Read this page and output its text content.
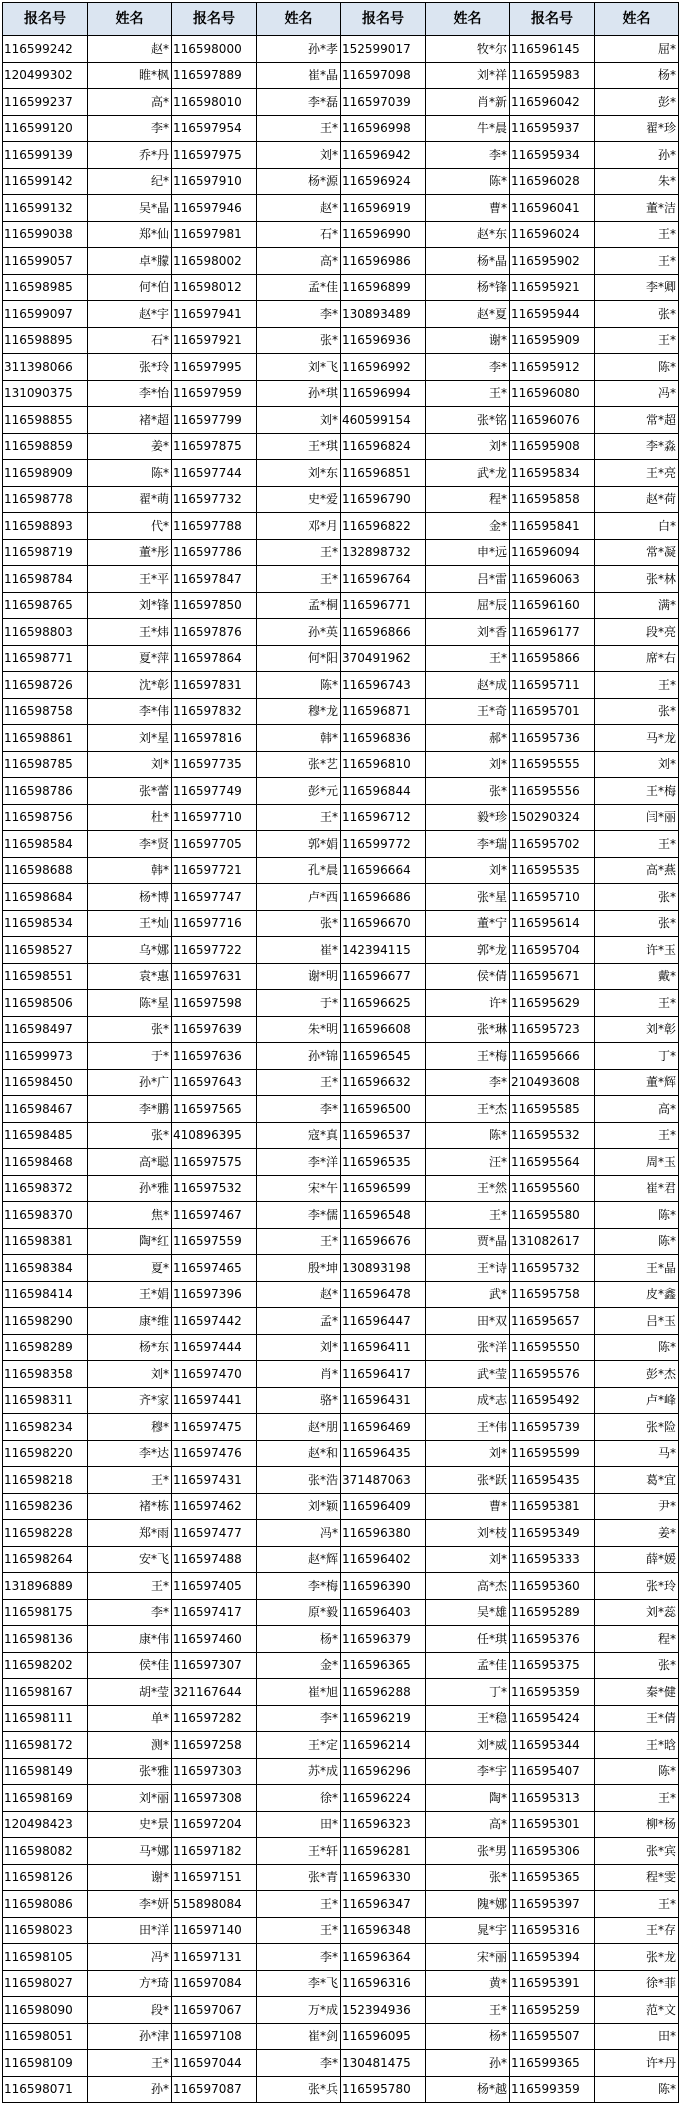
报名号	姓名	报名号	姓名	报名号	姓名	报名号	姓名
116599242	赵*	116598000	孙*孝	152599017	牧*尔	116596145	屈*
120499302	睢*枫	116597889	崔*晶	116597098	刘*祥	116595983	杨*
116599237	高*	116598010	李*磊	116597039	肖*新	116596042	彭*
116599120	李*	116597954	王*	116596998	牛*晨	116595937	翟*珍
116599139	乔*丹	116597975	刘*	116596942	李*	116595934	孙*
116599142	纪*	116597910	杨*源	116596924	陈*	116596028	朱*
116599132	吴*晶	116597946	赵*	116596919	曹*	116596041	董*洁
116599038	郑*仙	116597981	石*	116596990	赵*东	116596024	王*
116599057	卓*朦	116598002	高*	116596986	杨*晶	116595902	王*
116598985	何*伯	116598012	孟*佳	116596899	杨*锋	116595921	李*卿
116599097	赵*宇	116597941	李*	130893489	赵*夏	116595944	张*
116598895	石*	116597921	张*	116596936	谢*	116595909	王*
311398066	张*玲	116597995	刘*飞	116596992	李*	116595912	陈*
131090375	李*怡	116597959	孙*琪	116596994	王*	116596080	冯*
116598855	褚*超	116597799	刘*	460599154	张*铭	116596076	常*超
116598859	姜*	116597875	王*琪	116596824	刘*	116595908	李*淼
116598909	陈*	116597744	刘*东	116596851	武*龙	116595834	王*亮
116598778	翟*萌	116597732	史*爱	116596790	程*	116595858	赵*荷
116598893	代*	116597788	邓*月	116596822	金*	116595841	白*
116598719	董*彤	116597786	王*	132898732	申*远	116596094	常*凝
116598784	王*平	116597847	王*	116596764	吕*雷	116596063	张*林
116598765	刘*锋	116597850	孟*桐	116596771	屈*辰	116596160	满*
116598803	王*炜	116597876	孙*英	116596866	刘*香	116596177	段*亮
116598771	夏*萍	116597864	何*阳	370491962	王*	116595866	席*右
116598726	沈*彰	116597831	陈*	116596743	赵*成	116595711	王*
116598758	李*伟	116597832	穆*龙	116596871	王*奇	116595701	张*
116598861	刘*星	116597816	韩*	116596836	郝*	116595736	马*龙
116598785	刘*	116597735	张*艺	116596810	刘*	116595555	刘*
116598786	张*蕾	116597749	彭*元	116596844	张*	116595556	王*梅
116598756	杜*	116597710	王*	116596712	毅*珍	150290324	闫*丽
116598584	李*贤	116597705	郭*娟	116599772	李*瑞	116595702	王*
116598688	韩*	116597721	孔*晨	116596664	刘*	116595535	高*燕
116598684	杨*博	116597747	卢*西	116596686	张*星	116595710	张*
116598534	王*灿	116597716	张*	116596670	董*宁	116595614	张*
116598527	乌*娜	116597722	崔*	142394115	郭*龙	116595704	许*玉
116598551	袁*惠	116597631	谢*明	116596677	侯*倩	116595671	戴*
116598506	陈*星	116597598	于*	116596625	许*	116595629	王*
116598497	张*	116597639	朱*明	116596608	张*琳	116595723	刘*彰
116599973	于*	116597636	孙*锦	116596545	王*梅	116595666	丁*
116598450	孙*广	116597643	王*	116596632	李*	210493608	董*辉
116598467	李*鹏	116597565	李*	116596500	王*杰	116595585	高*
116598485	张*	410896395	寇*真	116596537	陈*	116595532	王*
116598468	高*聪	116597575	李*洋	116596535	汪*	116595564	周*玉
116598372	孙*雅	116597532	宋*午	116596599	王*然	116595560	崔*君
116598370	焦*	116597467	李*儒	116596548	王*	116595580	陈*
116598381	陶*红	116597559	王*	116596676	贾*晶	131082617	陈*
116598384	夏*	116597465	殷*坤	130893198	王*诗	116595732	王*晶
116598414	王*娟	116597396	赵*	116596478	武*	116595758	皮*鑫
116598290	康*维	116597442	孟*	116596447	田*双	116595657	吕*玉
116598289	杨*东	116597444	刘*	116596411	张*洋	116595550	陈*
116598358	刘*	116597470	肖*	116596417	武*莹	116595576	彭*杰
116598311	齐*家	116597441	骆*	116596431	成*志	116595492	卢*峰
116598234	穆*	116597475	赵*朋	116596469	王*伟	116595739	张*险
116598220	李*达	116597476	赵*和	116596435	刘*	116595599	马*
116598218	王*	116597431	张*浩	371487063	张*跃	116595435	葛*宜
116598236	褚*栋	116597462	刘*颖	116596409	曹*	116595381	尹*
116598228	郑*雨	116597477	冯*	116596380	刘*枝	116595349	姜*
116598264	安*飞	116597488	赵*辉	116596402	刘*	116595333	薛*媛
131896889	王*	116597405	李*梅	116596390	高*杰	116595360	张*玲
116598175	李*	116597417	原*毅	116596403	吴*雄	116595289	刘*蕊
116598136	康*伟	116597460	杨*	116596379	任*琪	116595376	程*
116598202	侯*佳	116597307	金*	116596365	孟*佳	116595375	张*
116598167	胡*莹	321167644	崔*旭	116596288	丁*	116595359	秦*健
116598111	单*	116597282	李*	116596219	王*稳	116595424	王*倩
116598172	测*	116597258	王*定	116596214	刘*威	116595344	王*晗
116598149	张*雅	116597303	苏*成	116596296	李*宇	116595407	陈*
116598169	刘*丽	116597308	徐*	116596224	陶*	116595313	王*
120498423	史*景	116597204	田*	116596323	高*	116595301	柳*杨
116598082	马*娜	116597182	王*轩	116596281	张*男	116595306	张*宾
116598126	谢*	116597151	张*青	116596330	张*	116595365	程*雯
116598086	李*妍	515898084	王*	116596347	隗*娜	116595397	王*
116598023	田*洋	116597140	王*	116596348	晁*宇	116595316	王*存
116598105	冯*	116597131	李*	116596364	宋*丽	116595394	张*龙
116598027	方*琦	116597084	李*飞	116596316	黄*	116595391	徐*菲
116598090	段*	116597067	万*成	152394936	王*	116595259	范*文
116598051	孙*津	116597108	崔*剑	116596095	杨*	116595507	田*
116598109	王*	116597044	李*	130481475	孙*	116599365	许*丹
116598071	孙*	116597087	张*兵	116595780	杨*越	116599359	陈*
